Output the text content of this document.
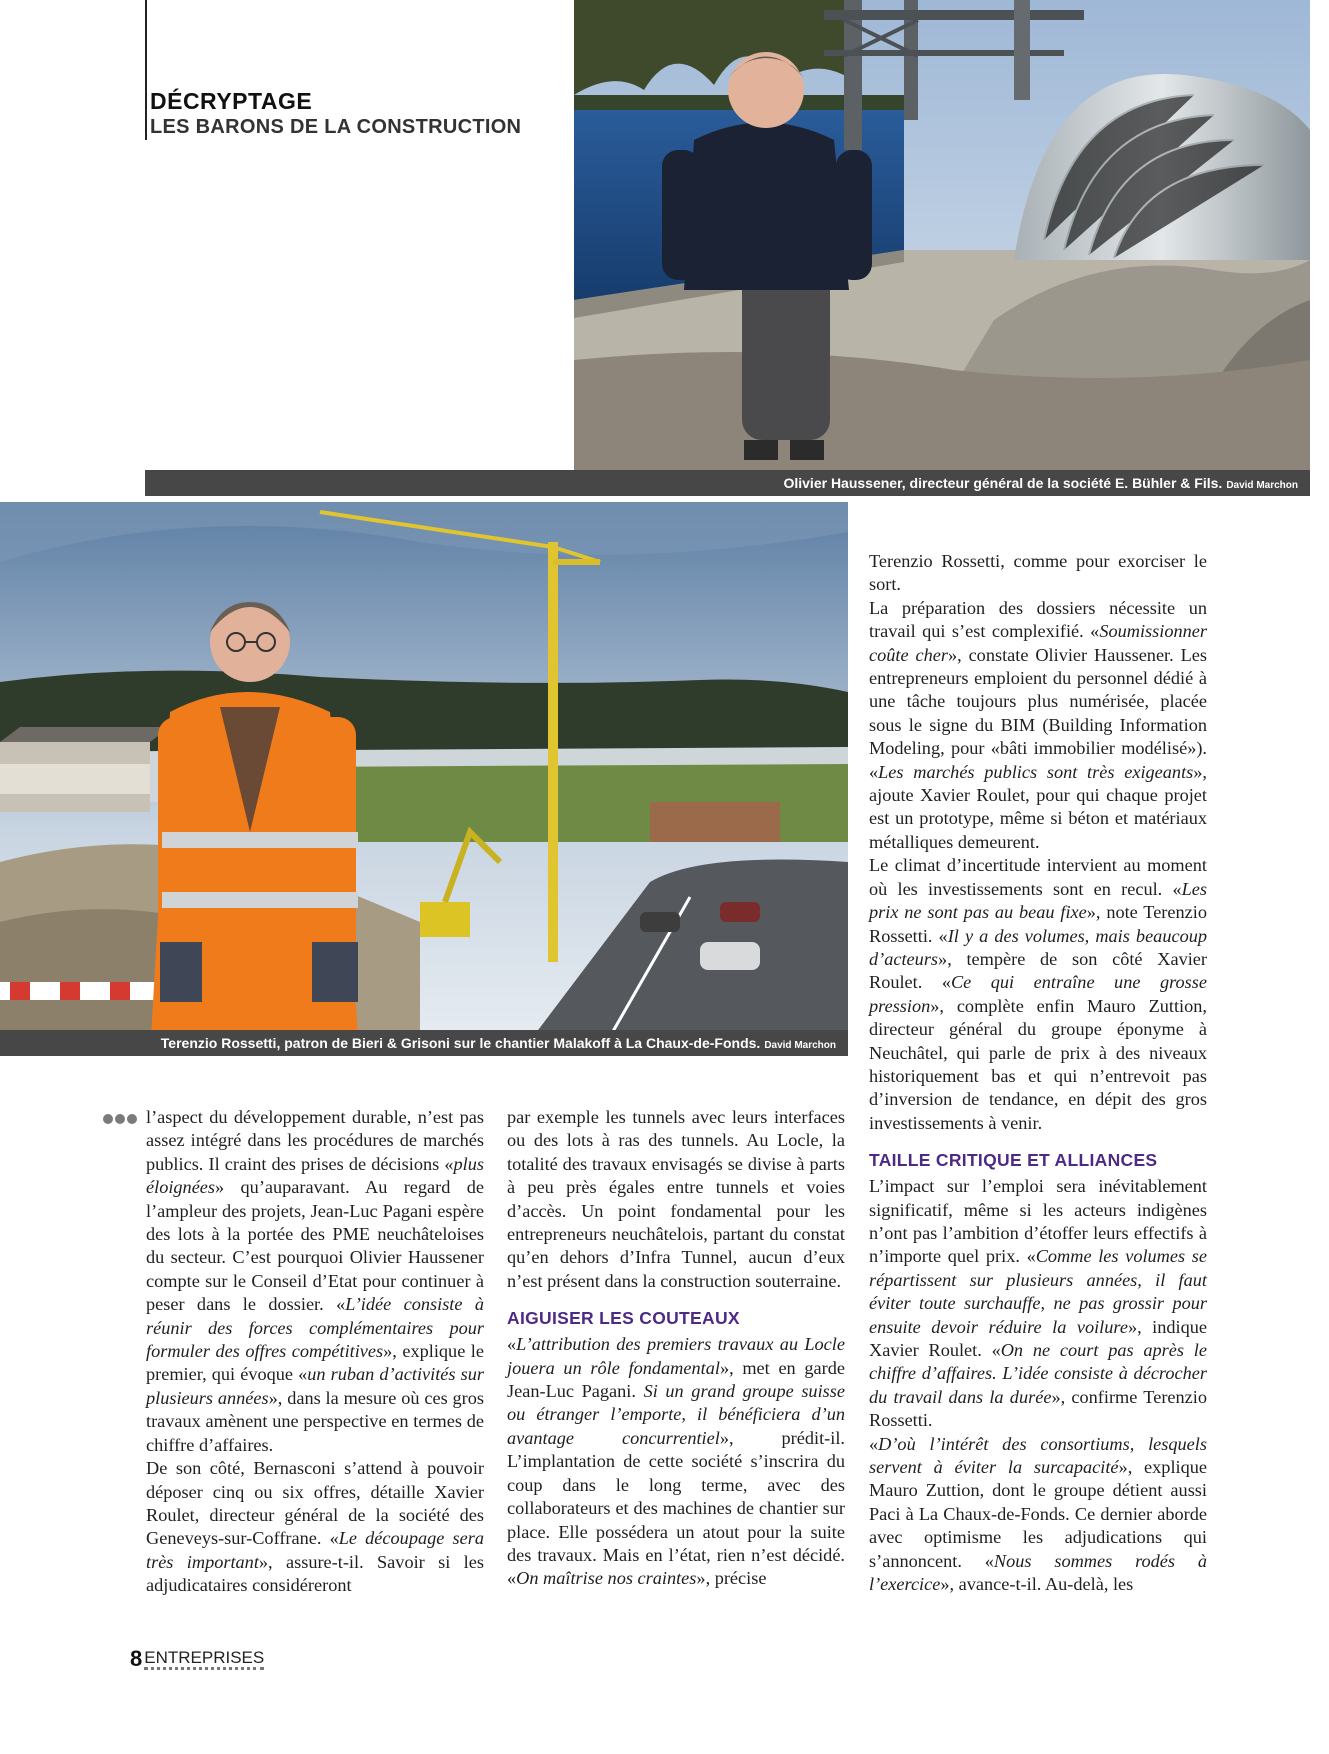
DÉCRYPTAGE
LES BARONS DE LA CONSTRUCTION
Olivier Haussener, directeur général de la société E. Bühler & Fils. David Marchon
Terenzio Rossetti, patron de Bieri & Grisoni sur le chantier Malakoff à La Chaux-de-Fonds. David Marchon

l’aspect du développement durable, n’est pas assez intégré dans les procédures de marchés publics. Il craint des prises de décisions «plus éloignées» qu’auparavant. Au regard de l’ampleur des projets, Jean-Luc Pagani espère des lots à la portée des PME neuchâteloises du secteur. C’est pourquoi Olivier Haussener compte sur le Conseil d’Etat pour continuer à peser dans le dossier. «L’idée consiste à réunir des forces complémentaires pour formuler des offres compétitives», explique le premier, qui évoque «un ruban d’activités sur plusieurs années», dans la mesure où ces gros travaux amènent une perspective en termes de chiffre d’affaires.

De son côté, Bernasconi s’attend à pouvoir déposer cinq ou six offres, détaille Xavier Roulet, directeur général de la société des Geneveys-sur-Coffrane. «Le découpage sera très important», assure-t-il. Savoir si les adjudicataires considéreront

par exemple les tunnels avec leurs interfaces ou des lots à ras des tunnels. Au Locle, la totalité des travaux envisagés se divise à parts à peu près égales entre tunnels et voies d’accès. Un point fondamental pour les entrepreneurs neuchâtelois, partant du constat qu’en dehors d’Infra Tunnel, aucun d’eux n’est présent dans la construction souterraine.

AIGUISER LES COUTEAUX

«L’attribution des premiers travaux au Locle jouera un rôle fondamental», met en garde Jean-Luc Pagani. Si un grand groupe suisse ou étranger l’emporte, il bénéficiera d’un avantage concurrentiel», prédit-il. L’implantation de cette société s’inscrira du coup dans le long terme, avec des collaborateurs et des machines de chantier sur place. Elle possédera un atout pour la suite des travaux. Mais en l’état, rien n’est décidé. «On maîtrise nos craintes», précise

Terenzio Rossetti, comme pour exorciser le sort.

La préparation des dossiers nécessite un travail qui s’est complexifié. «Soumissionner coûte cher», constate Olivier Haussener. Les entrepreneurs emploient du personnel dédié à une tâche toujours plus numérisée, placée sous le signe du BIM (Building Information Modeling, pour «bâti immobilier modélisé»). «Les marchés publics sont très exigeants», ajoute Xavier Roulet, pour qui chaque projet est un prototype, même si béton et matériaux métalliques demeurent.

Le climat d’incertitude intervient au moment où les investissements sont en recul. «Les prix ne sont pas au beau fixe», note Terenzio Rossetti. «Il y a des volumes, mais beaucoup d’acteurs», tempère de son côté Xavier Roulet. «Ce qui entraîne une grosse pression», complète enfin Mauro Zuttion, directeur général du groupe éponyme à Neuchâtel, qui parle de prix à des niveaux historiquement bas et qui n’entrevoit pas d’inversion de tendance, en dépit des gros investissements à venir.

TAILLE CRITIQUE ET ALLIANCES

L’impact sur l’emploi sera inévitablement significatif, même si les acteurs indigènes n’ont pas l’ambition d’étoffer leurs effectifs à n’importe quel prix. «Comme les volumes se répartissent sur plusieurs années, il faut éviter toute surchauffe, ne pas grossir pour ensuite devoir réduire la voilure», indique Xavier Roulet. «On ne court pas après le chiffre d’affaires. L’idée consiste à décrocher du travail dans la durée», confirme Terenzio Rossetti.

«D’où l’intérêt des consortiums, lesquels servent à éviter la surcapacité», explique Mauro Zuttion, dont le groupe détient aussi Paci à La Chaux-de-Fonds. Ce dernier aborde avec optimisme les adjudications qui s’annoncent. «Nous sommes rodés à l’exercice», avance-t-il. Au-delà, les

8 ENTREPRISES
